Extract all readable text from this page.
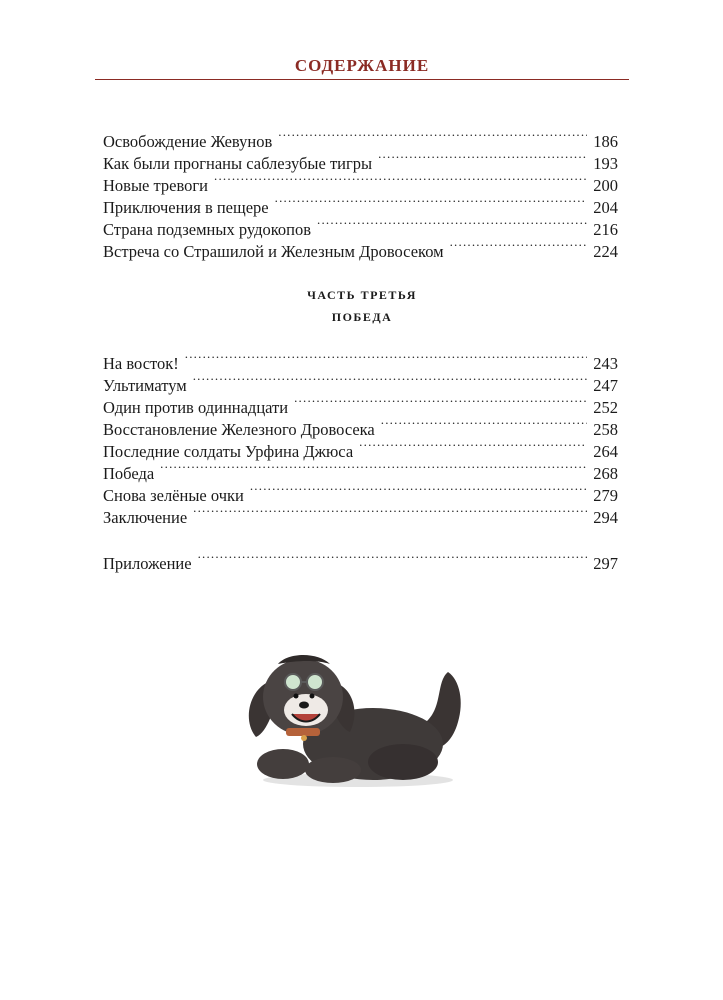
СОДЕРЖАНИЕ
Освобождение Жевунов .....	186
Как были прогнаны саблезубые тигры .....	193
Новые тревоги .....	200
Приключения в пещере .....	204
Страна подземных рудокопов .....	216
Встреча со Страшилой и Железным Дровосеком .....	224
ЧАСТЬ ТРЕТЬЯ
ПОБЕДА
На восток! .....	243
Ультиматум .....	247
Один против одиннадцати .....	252
Восстановление Железного Дровосека .....	258
Последние солдаты Урфина Джюса .....	264
Победа .....	268
Снова зелёные очки .....	279
Заключение .....	294
Приложение .....	297
